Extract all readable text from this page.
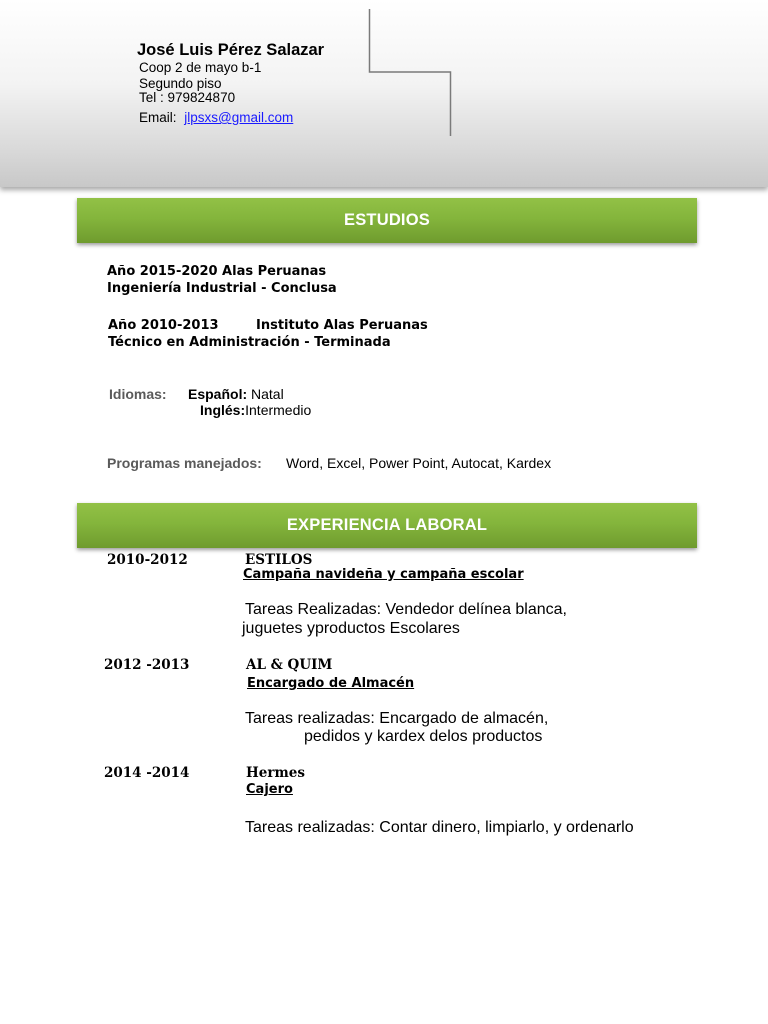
José Luis Pérez Salazar
Coop 2 de mayo b-1
Segundo piso
Tel : 979824870
Email: jlpsxs@gmail.com
ESTUDIOS
Año 2015-2020 Alas Peruanas
Ingeniería Industrial - Conclusa
Año 2010-2013	Instituto Alas Peruanas
Técnico en Administración - Terminada
Idiomas: Español: Natal
Inglés:Intermedio
Programas manejados: Word, Excel, Power Point, Autocat, Kardex
EXPERIENCIA LABORAL
2010-2012	ESTILOS
Campaña navideña y campaña escolar
Tareas Realizadas: Vendedor delínea blanca,
juguetes yproductos Escolares
2012 -2013	AL & QUIM
Encargado de Almacén
Tareas realizadas: Encargado de almacén,
pedidos y kardex delos productos
2014 -2014	Hermes
Cajero
Tareas realizadas: Contar dinero, limpiarlo, y ordenarlo
